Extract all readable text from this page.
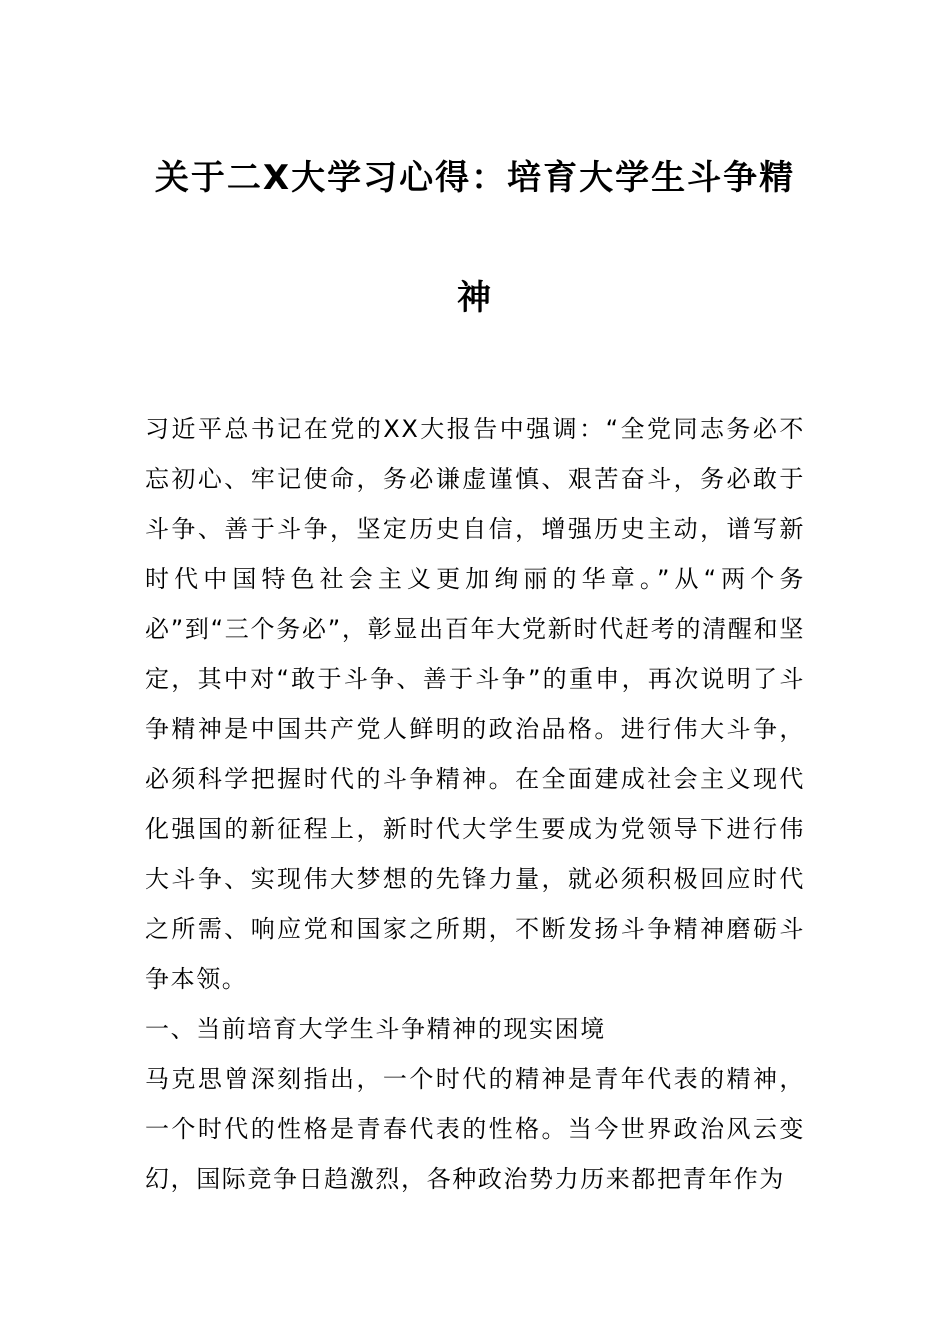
关于二X大学习心得：培育大学生斗争精
神

习近平总书记在党的XX大报告中强调：“全党同志务必不忘初心、牢记使命，务必谦虚谨慎、艰苦奋斗，务必敢于斗争、善于斗争，坚定历史自信，增强历史主动，谱写新时代中国特色社会主义更加绚丽的华章。”从“两个务必”到“三个务必”，彰显出百年大党新时代赶考的清醒和坚定，其中对“敢于斗争、善于斗争”的重申，再次说明了斗争精神是中国共产党人鲜明的政治品格。进行伟大斗争，必须科学把握时代的斗争精神。在全面建成社会主义现代化强国的新征程上，新时代大学生要成为党领导下进行伟大斗争、实现伟大梦想的先锋力量，就必须积极回应时代之所需、响应党和国家之所期，不断发扬斗争精神磨砺斗争本领。

一、当前培育大学生斗争精神的现实困境

马克思曾深刻指出，一个时代的精神是青年代表的精神，一个时代的性格是青春代表的性格。当今世界政治风云变幻，国际竞争日趋激烈，各种政治势力历来都把青年作为
